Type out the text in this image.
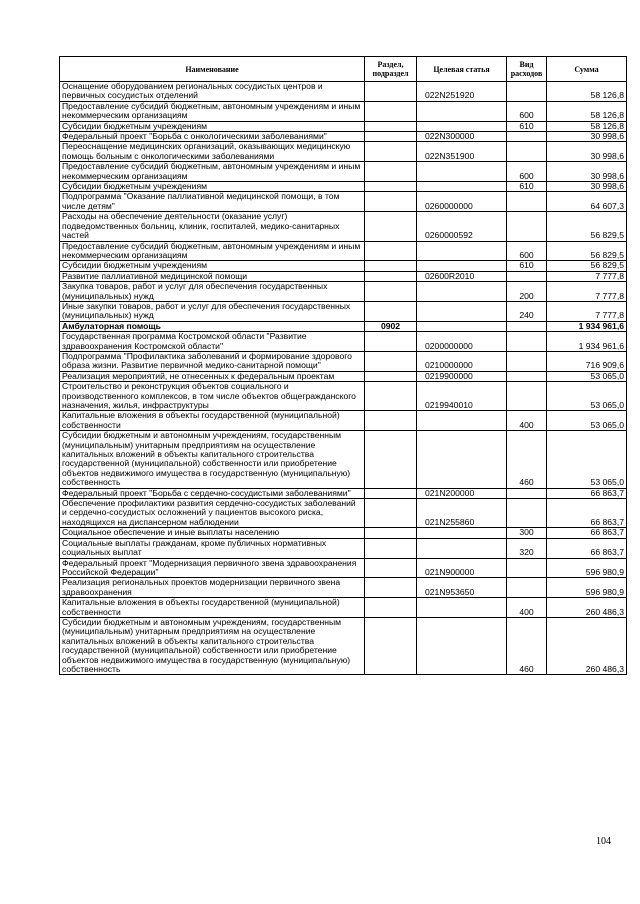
Наименование	Раздел, подраздел	Целевая статья	Вид расходов	Сумма
Оснащение оборудованием региональных сосудистых центров и первичных сосудистых отделений		022N251920		58 126,8
Предоставление субсидий бюджетным, автономным учреждениям и иным некоммерческим организациям			600	58 126,8
Субсидии бюджетным учреждениям			610	58 126,8
Федеральный проект "Борьба с онкологическими заболеваниями"		022N300000		30 998,6
Переоснащение медицинских организаций, оказывающих медицинскую помощь больным с онкологическими заболеваниями		022N351900		30 998,6
Предоставление субсидий бюджетным, автономным учреждениям и иным некоммерческим организациям			600	30 998,6
Субсидии бюджетным учреждениям			610	30 998,6
Подпрограмма "Оказание паллиативной медицинской помощи, в том числе детям"		0260000000		64 607,3
Расходы на обеспечение деятельности (оказание услуг) подведомственных больниц, клиник, госпиталей, медико-санитарных частей		0260000592		56 829,5
Предоставление субсидий бюджетным, автономным учреждениям и иным некоммерческим организациям			600	56 829,5
Субсидии бюджетным учреждениям			610	56 829,5
Развитие паллиативной медицинской помощи		02600R2010		7 777,8
Закупка товаров, работ и услуг для обеспечения государственных (муниципальных) нужд			200	7 777,8
Иные закупки товаров, работ и услуг для обеспечения государственных (муниципальных) нужд			240	7 777,8
Амбулаторная помощь	0902			1 934 961,6
Государственная программа Костромской области "Развитие здравоохранения Костромской области"		0200000000		1 934 961,6
Подпрограмма "Профилактика заболеваний и формирование здорового образа жизни. Развитие первичной медико-санитарной помощи"		0210000000		716 909,6
Реализация мероприятий, не отнесенных к федеральным проектам		0219900000		53 065,0
Строительство и реконструкция объектов социального и производственного комплексов, в том числе объектов общегражданского назначения, жилья, инфраструктуры		0219940010		53 065,0
Капитальные вложения в объекты государственной (муниципальной) собственности			400	53 065,0
Субсидии бюджетным и автономным учреждениям, государственным (муниципальным) унитарным предприятиям на осуществление капитальных вложений в объекты капитального строительства государственной (муниципальной) собственности или приобретение объектов недвижимого имущества в государственную (муниципальную) собственность			460	53 065,0
Федеральный проект "Борьба с сердечно-сосудистыми заболеваниями"		021N200000		66 863,7
Обеспечение профилактики развития сердечно-сосудистых заболеваний и сердечно-сосудистых осложнений у пациентов высокого риска, находящихся на диспансерном наблюдении		021N255860		66 863,7
Социальное обеспечение и иные выплаты населению			300	66 863,7
Социальные выплаты гражданам, кроме публичных нормативных социальных выплат			320	66 863,7
Федеральный проект "Модернизация первичного звена здравоохранения Российской Федерации"		021N900000		596 980,9
Реализация региональных проектов модернизации первичного звена здравоохранения		021N953650		596 980,9
Капитальные вложения в объекты государственной (муниципальной) собственности			400	260 486,3
Субсидии бюджетным и автономным учреждениям, государственным (муниципальным) унитарным предприятиям на осуществление капитальных вложений в объекты капитального строительства государственной (муниципальной) собственности или приобретение объектов недвижимого имущества в государственную (муниципальную) собственность			460	260 486,3
104
